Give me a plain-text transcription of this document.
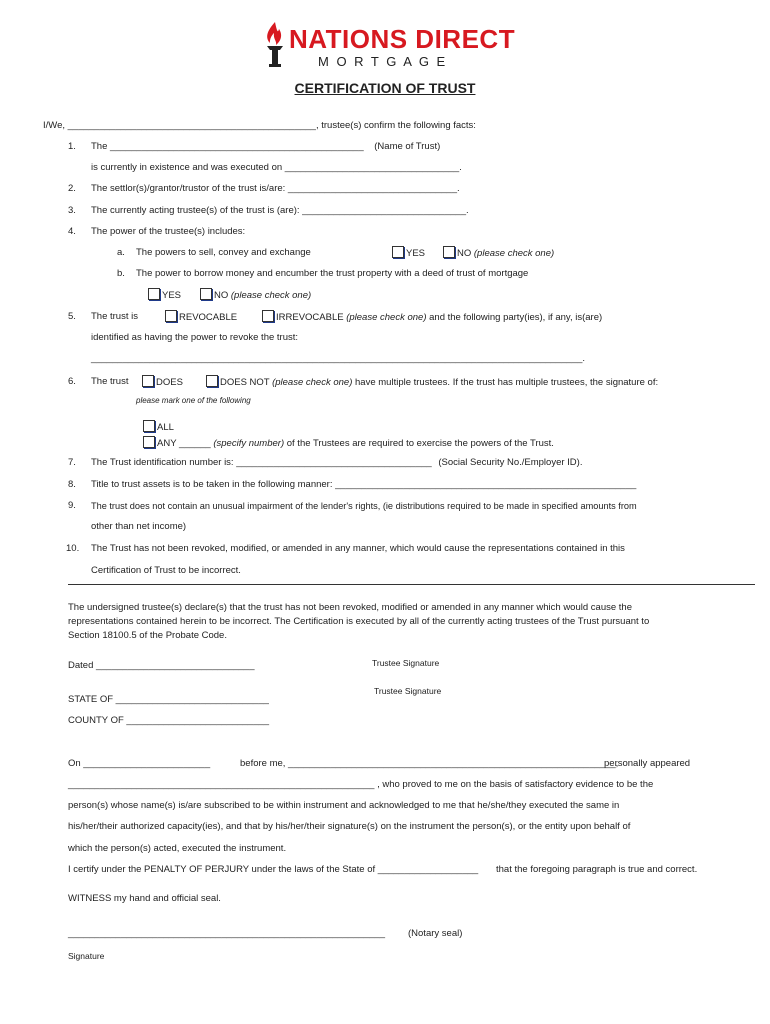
NATIONS DIRECT
M O R T G A G E
CERTIFICATION OF TRUST
I/We, _______________________________________________, trustee(s) confirm the following facts:
1. The ________________________________________________ (Name of Trust)
is currently in existence and was executed on _________________________________.
2. The settlor(s)/grantor/trustor of the trust is/are: ________________________________.
3. The currently acting trustee(s) of the trust is (are): _______________________________.
4. The power of the trustee(s) includes:
a. The powers to sell, convey and exchange	YES	NO (please check one)
b. The power to borrow money and encumber the trust property with a deed of trust of mortgage
YES	NO (please check one)
5. The trust is	REVOCABLE	IRREVOCABLE (please check one) and the following party(ies), if any, is(are)
identified as having the power to revoke the trust:
_____________________________________________________________________________________________.
6. The trust	DOES	DOES NOT (please check one) have multiple trustees. If the trust has multiple trustees, the signature of:
please mark one of the following
ALL
ANY ______ (specify number) of the Trustees are required to exercise the powers of the Trust.
7. The Trust identification number is: _____________________________________ (Social Security No./Employer ID).
8. Title to trust assets is to be taken in the following manner: _________________________________________________________
9. The trust does not contain an unusual impairment of the lender's rights, (ie distributions required to be made in specified amounts from
other than net income)
10. The Trust has not been revoked, modified, or amended in any manner, which would cause the representations contained in this
Certification of Trust to be incorrect.
The undersigned trustee(s) declare(s) that the trust has not been revoked, modified or amended in any manner which would cause the
representations contained herein to be incorrect. The Certification is executed by all of the currently acting trustees of the Trust pursuant to
Section 18100.5 of the Probate Code.
Dated ______________________________	Trustee Signature
Trustee Signature
STATE OF _____________________________
COUNTY OF ___________________________
On ________________________	before me, ______________________________________________________________,
personally appeared
__________________________________________________________ , who proved to me on the basis of satisfactory evidence to be the
person(s) whose name(s) is/are subscribed to be within instrument and acknowledged to me that he/she/they executed the same in
his/her/their authorized capacity(ies), and that by his/her/their signature(s) on the instrument the person(s), or the entity upon behalf of
which the person(s) acted, executed the instrument.
I certify under the PENALTY OF PERJURY under the laws of the State of ___________________ that the foregoing paragraph is true and correct.
WITNESS my hand and official seal.
____________________________________________________________ (Notary seal)
Signature
